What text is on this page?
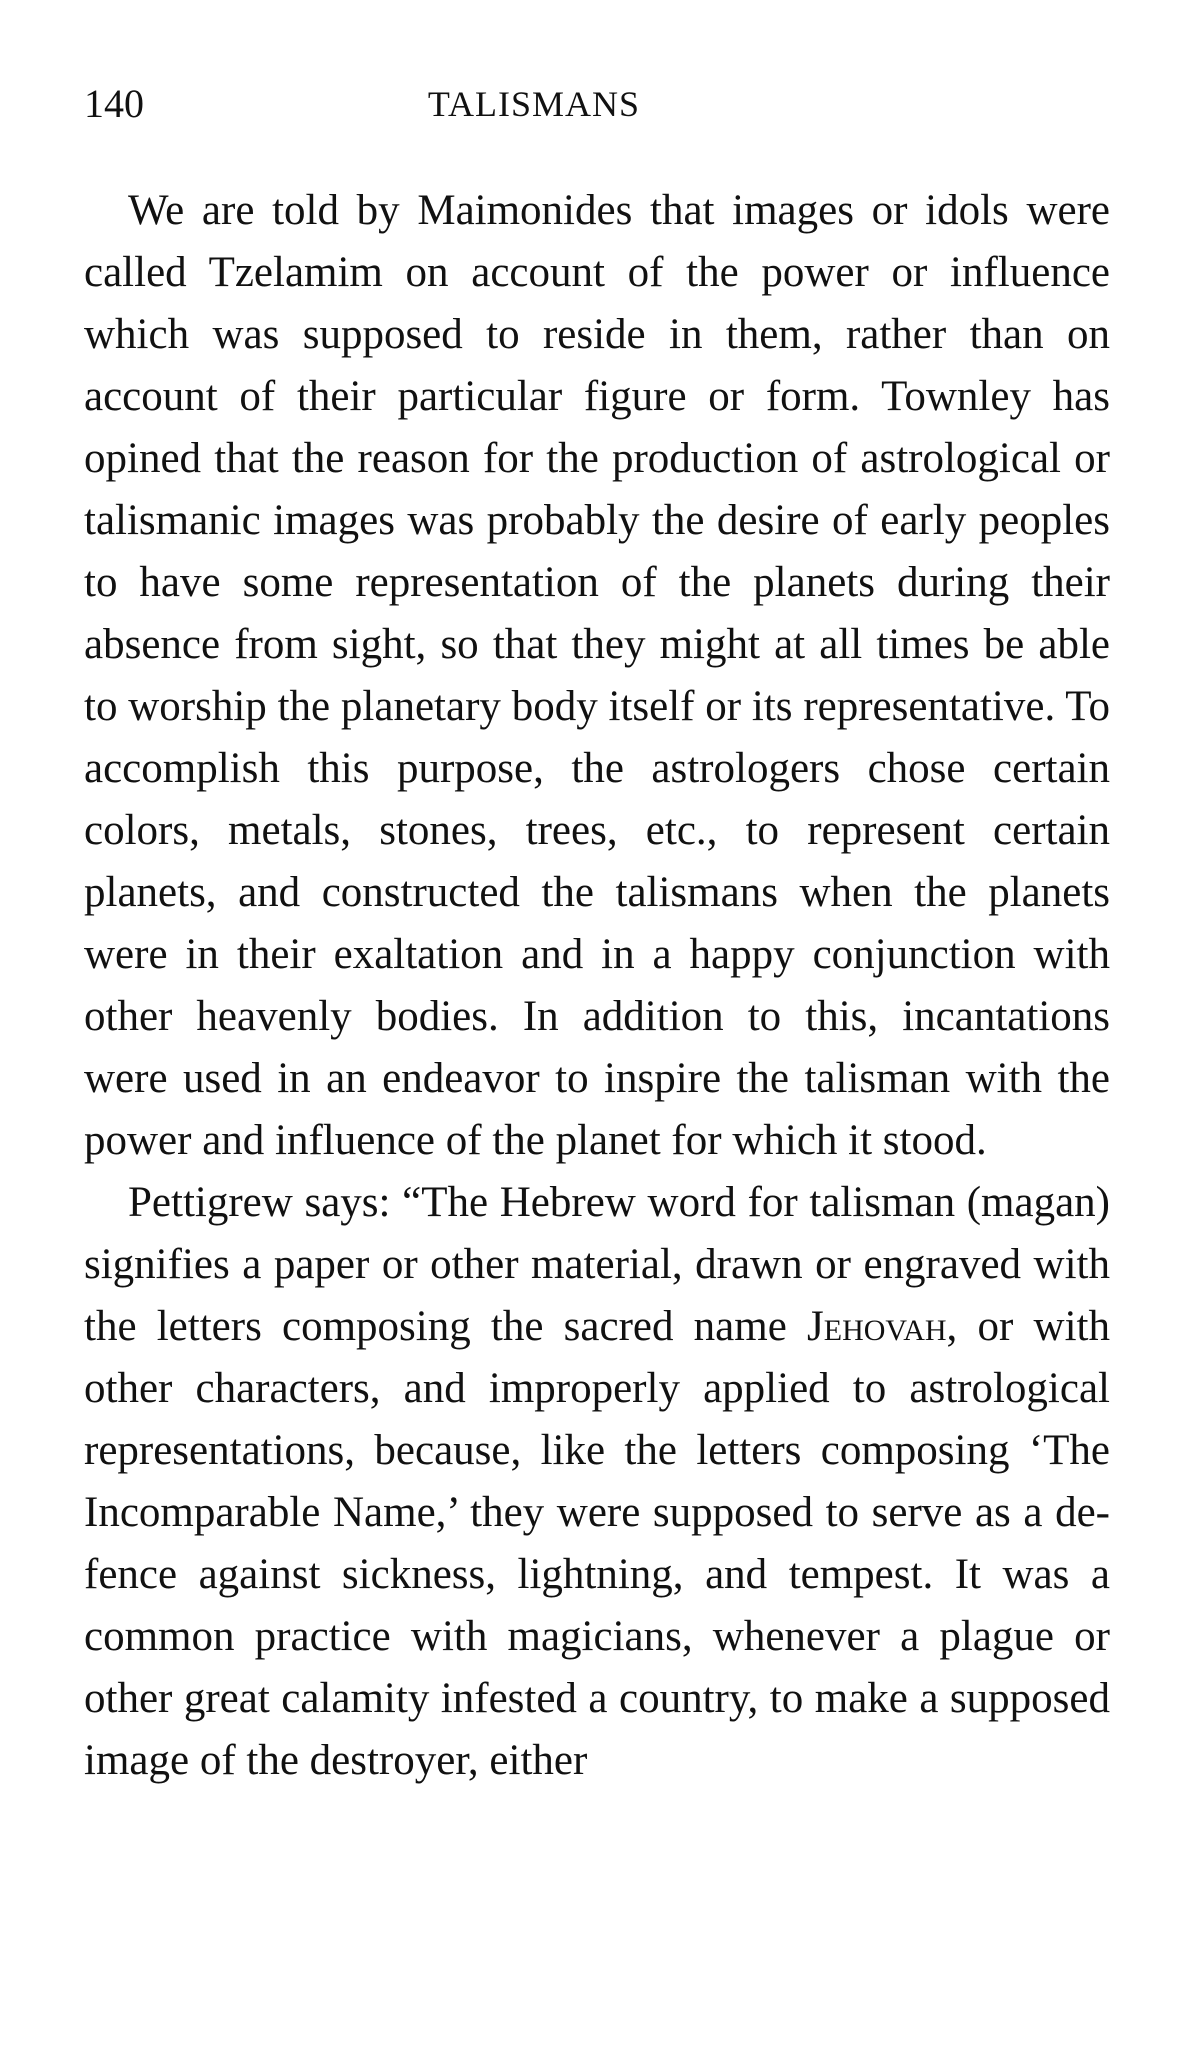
140	TALISMANS

We are told by Maimonides that images or idols were called Tzelamim on account of the power or influence which was supposed to reside in them, rather than on account of their particular figure or form. Townley has opined that the reason for the production of astrological or talismanic images was probably the desire of early peoples to have some representation of the planets during their absence from sight, so that they might at all times be able to worship the planetary body itself or its representative. To accomplish this purpose, the astrologers chose certain colors, metals, stones, trees, etc., to represent certain planets, and constructed the talismans when the planets were in their exaltation and in a happy conjunction with other heavenly bodies. In addition to this, incantations were used in an endeavor to inspire the talisman with the power and influence of the planet for which it stood.

Pettigrew says: “The Hebrew word for talisman (magan) signifies a paper or other material, drawn or engraved with the letters composing the sacred name Jehovah, or with other characters, and improperly applied to astrological representations, because, like the letters composing ‘The Incomparable Name,’ they were supposed to serve as a defence against sickness, lightning, and tempest. It was a common practice with magicians, whenever a plague or other great calamity infested a country, to make a supposed image of the destroyer, either
